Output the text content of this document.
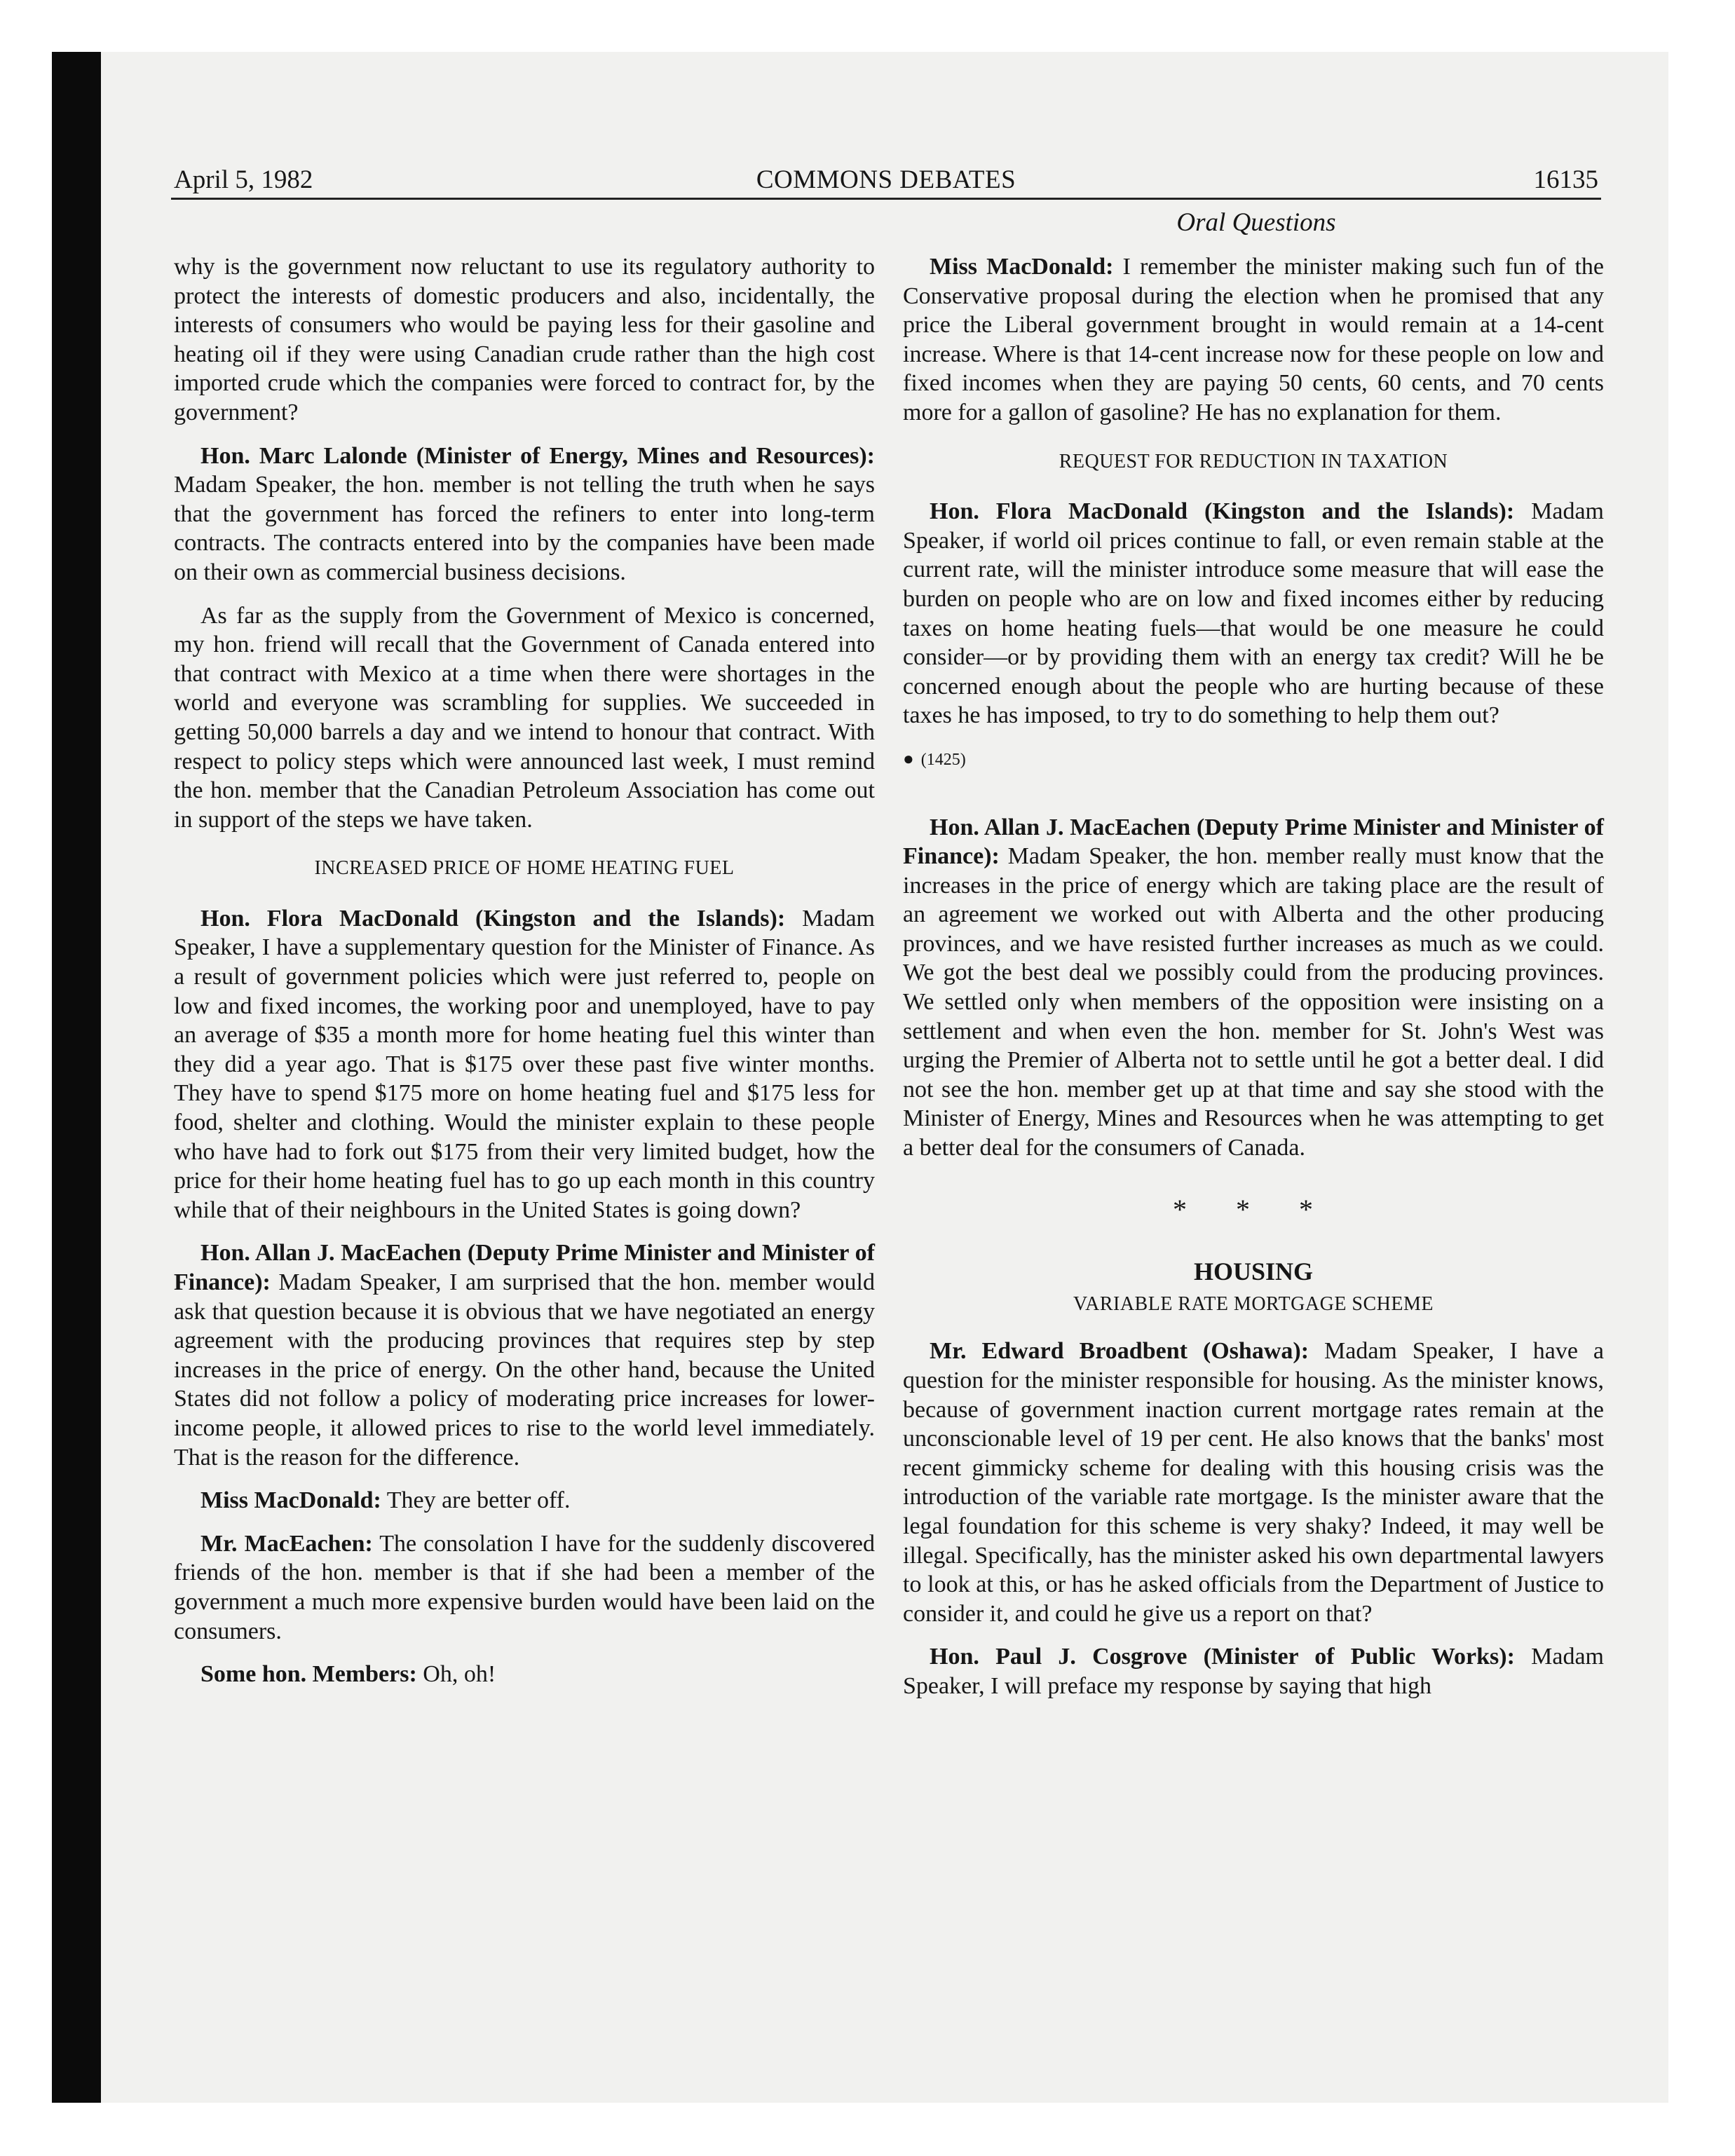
April 5, 1982	COMMONS DEBATES	16135
Oral Questions

why is the government now reluctant to use its regulatory authority to protect the interests of domestic producers and also, incidentally, the interests of consumers who would be paying less for their gasoline and heating oil if they were using Canadian crude rather than the high cost imported crude which the companies were forced to contract for, by the government?

Hon. Marc Lalonde (Minister of Energy, Mines and Resources): Madam Speaker, the hon. member is not telling the truth when he says that the government has forced the refiners to enter into long-term contracts. The contracts entered into by the companies have been made on their own as commercial business decisions.

As far as the supply from the Government of Mexico is concerned, my hon. friend will recall that the Government of Canada entered into that contract with Mexico at a time when there were shortages in the world and everyone was scrambling for supplies. We succeeded in getting 50,000 barrels a day and we intend to honour that contract. With respect to policy steps which were announced last week, I must remind the hon. member that the Canadian Petroleum Association has come out in support of the steps we have taken.

INCREASED PRICE OF HOME HEATING FUEL

Hon. Flora MacDonald (Kingston and the Islands): Madam Speaker, I have a supplementary question for the Minister of Finance. As a result of government policies which were just referred to, people on low and fixed incomes, the working poor and unemployed, have to pay an average of $35 a month more for home heating fuel this winter than they did a year ago. That is $175 over these past five winter months. They have to spend $175 more on home heating fuel and $175 less for food, shelter and clothing. Would the minister explain to these people who have had to fork out $175 from their very limited budget, how the price for their home heating fuel has to go up each month in this country while that of their neighbours in the United States is going down?

Hon. Allan J. MacEachen (Deputy Prime Minister and Minister of Finance): Madam Speaker, I am surprised that the hon. member would ask that question because it is obvious that we have negotiated an energy agreement with the producing provinces that requires step by step increases in the price of energy. On the other hand, because the United States did not follow a policy of moderating price increases for lower-income people, it allowed prices to rise to the world level immediately. That is the reason for the difference.

Miss MacDonald: They are better off.

Mr. MacEachen: The consolation I have for the suddenly discovered friends of the hon. member is that if she had been a member of the government a much more expensive burden would have been laid on the consumers.

Some hon. Members: Oh, oh!

Miss MacDonald: I remember the minister making such fun of the Conservative proposal during the election when he promised that any price the Liberal government brought in would remain at a 14-cent increase. Where is that 14-cent increase now for these people on low and fixed incomes when they are paying 50 cents, 60 cents, and 70 cents more for a gallon of gasoline? He has no explanation for them.

REQUEST FOR REDUCTION IN TAXATION

Hon. Flora MacDonald (Kingston and the Islands): Madam Speaker, if world oil prices continue to fall, or even remain stable at the current rate, will the minister introduce some measure that will ease the burden on people who are on low and fixed incomes either by reducing taxes on home heating fuels—that would be one measure he could consider—or by providing them with an energy tax credit? Will he be concerned enough about the people who are hurting because of these taxes he has imposed, to try to do something to help them out?

● (1425)

Hon. Allan J. MacEachen (Deputy Prime Minister and Minister of Finance): Madam Speaker, the hon. member really must know that the increases in the price of energy which are taking place are the result of an agreement we worked out with Alberta and the other producing provinces, and we have resisted further increases as much as we could. We got the best deal we possibly could from the producing provinces. We settled only when members of the opposition were insisting on a settlement and when even the hon. member for St. John's West was urging the Premier of Alberta not to settle until he got a better deal. I did not see the hon. member get up at that time and say she stood with the Minister of Energy, Mines and Resources when he was attempting to get a better deal for the consumers of Canada.

* * *
HOUSING
VARIABLE RATE MORTGAGE SCHEME

Mr. Edward Broadbent (Oshawa): Madam Speaker, I have a question for the minister responsible for housing. As the minister knows, because of government inaction current mortgage rates remain at the unconscionable level of 19 per cent. He also knows that the banks' most recent gimmicky scheme for dealing with this housing crisis was the introduction of the variable rate mortgage. Is the minister aware that the legal foundation for this scheme is very shaky? Indeed, it may well be illegal. Specifically, has the minister asked his own departmental lawyers to look at this, or has he asked officials from the Department of Justice to consider it, and could he give us a report on that?

Hon. Paul J. Cosgrove (Minister of Public Works): Madam Speaker, I will preface my response by saying that high
